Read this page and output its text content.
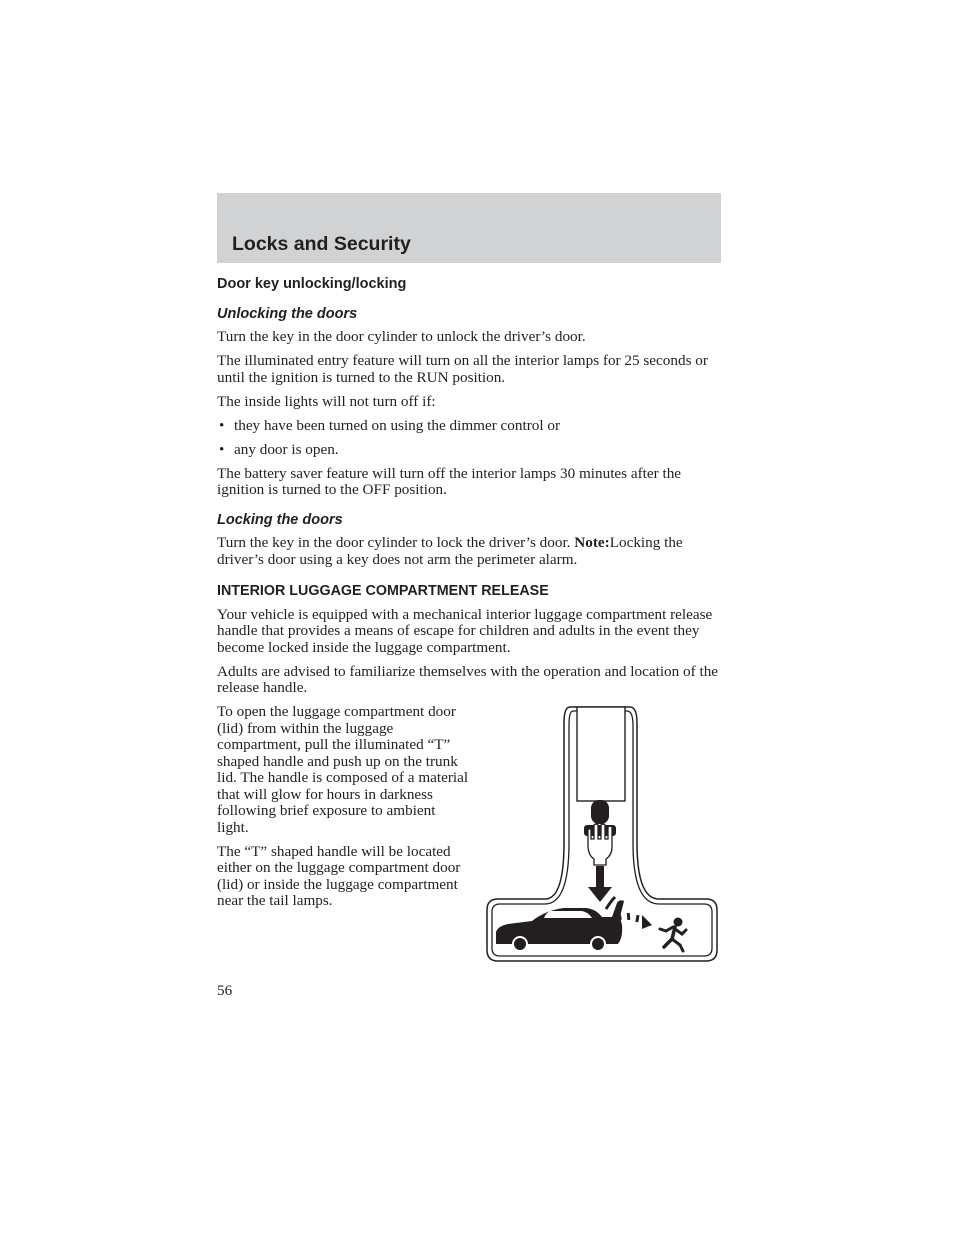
Locks and Security
Door key unlocking/locking
Unlocking the doors

Turn the key in the door cylinder to unlock the driver’s door.

The illuminated entry feature will turn on all the interior lamps for 25 seconds or until the ignition is turned to the RUN position.

The inside lights will not turn off if:

• they have been turned on using the dimmer control or
• any door is open.

The battery saver feature will turn off the interior lamps 30 minutes after the ignition is turned to the OFF position.

Locking the doors

Turn the key in the door cylinder to lock the driver’s door. Note:Locking the driver’s door using a key does not arm the perimeter alarm.

INTERIOR LUGGAGE COMPARTMENT RELEASE

Your vehicle is equipped with a mechanical interior luggage compartment release handle that provides a means of escape for children and adults in the event they become locked inside the luggage compartment.

Adults are advised to familiarize themselves with the operation and location of the release handle.

To open the luggage compartment door (lid) from within the luggage compartment, pull the illuminated “T” shaped handle and push up on the trunk lid. The handle is composed of a material that will glow for hours in darkness following brief exposure to ambient light.

The “T” shaped handle will be located either on the luggage compartment door (lid) or inside the luggage compartment near the tail lamps.

56
